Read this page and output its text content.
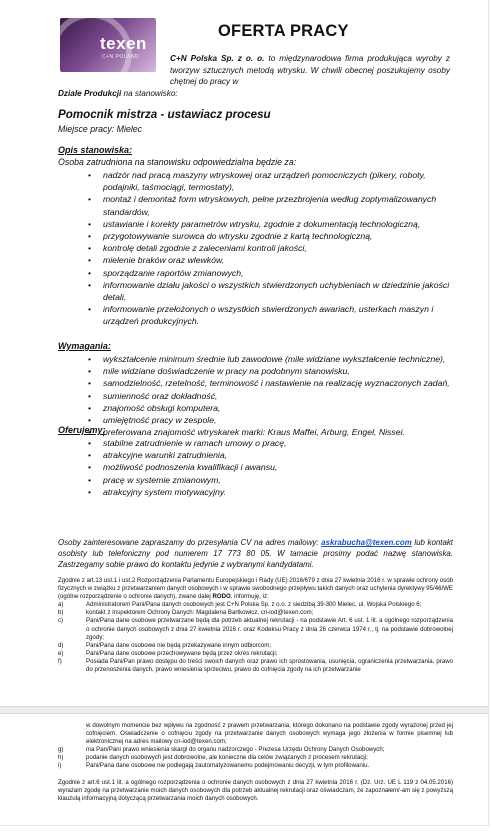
texen
C+N POLAND
OFERTA PRACY
C+N Polska Sp. z o. o. to międzynarodowa firma produkująca wyroby z tworzyw sztucznych metodą wtrysku. W chwili obecnej poszukujemy osoby chętnej do pracy w
Dziale Produkcji na stanowisko:
Pomocnik mistrza - ustawiacz procesu
Miejsce pracy: Mielec
Opis stanowiska:
Osoba zatrudniona na stanowisku odpowiedzialna będzie za:
• nadzór nad pracą maszyny wtryskowej oraz urządzeń pomocniczych (pikery, roboty, podajniki, taśmociągi, termostaty),
• montaż i demontaż form wtryskowych, pełne przezbrojenia według zoptymalizowanych standardów,
• ustawianie i korekty parametrów wtrysku, zgodnie z dokumentacją technologiczną,
• przygotowywanie surowca do wtrysku zgodnie z kartą technologiczną,
• kontrolę detali zgodnie z zaleceniami kontroli jakości,
• mielenie braków oraz wlewków,
• sporządzanie raportów zmianowych,
• informowanie działu jakości o wszystkich stwierdzonych uchybieniach w dziedzinie jakości detali,
• informowanie przełożonych o wszystkich stwierdzonych awariach, usterkach maszyn i urządzeń produkcyjnych.
Wymagania:
• wykształcenie minimum średnie lub zawodowe (mile widziane wykształcenie techniczne),
• mile widziane doświadczenie w pracy na podobnym stanowisku,
• samodzielność, rzetelność, terminowość i nastawienie na realizację wyznaczonych zadań,
• sumienność oraz dokładność,
• znajomość obsługi komputera,
• umiejętność pracy w zespole,
• preferowana znajomość wtryskarek marki: Kraus Maffei, Arburg, Engel, Nissei.
Oferujemy:
• stabilne zatrudnienie w ramach umowy o pracę,
• atrakcyjne warunki zatrudnienia,
• możliwość podnoszenia kwalifikacji i awansu,
• pracę w systemie zmianowym,
• atrakcyjny system motywacyjny.
Osoby zainteresowane zapraszamy do przesyłania CV na adres mailowy: askrabucha@texen.com lub kontakt osobisty lub telefoniczny pod numerem 17 773 80 05. W tamacie prosimy podać nazwę stanowiska. Zastrzegamy sobie prawo do kontaktu jedynie z wybranymi kandydatami.

Zgodnie z art.13 ust.1 i ust.2 Rozporządzenia Parlamentu Europejskiego i Rady (UE) 2016/679 z dnia 27 kwietnia 2016 r. w sprawie ochrony osób fizycznych w związku z przetwarzaniem danych osobowych i w sprawie swobodnego przepływu takich danych oraz uchylenia dyrektywy 95/46/WE (ogólne rozporządzenie o ochronie danych), zwane dalej RODO, informuję, iż:

a)	Administratorem Pani/Pana danych osobowych jest C+N Polska Sp. z o.o. z siedzibą 39-300 Mielec, ul. Wojska Polskiego 6;
b)	kontakt z Inspektorem Ochrony Danych: Magdalena Bartkowicz, cn-iod@texen.com;
c)	Pani/Pana dane osobowe przetwarzane będą dla potrzeb aktualnej rekrutacji - na podstawie Art. 6 ust. 1 lit. a ogólnego rozporządzenia o ochronie danych osobowych z dnia 27 kwietnia 2016 r. oraz Kodeksu Pracy z dnia 26 czerwca 1974 r., tj. na podstawie dobrowolnej zgody;
d)	Pani/Pana dane osobowe nie będą przekazywane innym odbiorcom;
e)	Pani/Pana dane osobowe przechowywane będą przez okres rekrutacji;
f)	Posiada Pani/Pan prawo dostępu do treści swoich danych oraz prawo ich sprostowania, usunięcia, ograniczenia przetwarzania, prawo do przenoszenia danych, prawo wniesienia sprzeciwu, prawo do cofnięcia zgody na ich przetwarzanie

w dowolnym momencie bez wpływu na zgodność z prawem przetwarzania, którego dokonano na podstawie zgody wyrażonej przed jej cofnięciem. Oświadczenie o cofnięciu zgody na przetwarzanie danych osobowych wymaga jego złożenia w formie pisemnej lub elektronicznej na adres mailowy cn-iod@texen.com;

g)	ma Pan/Pani prawo wniesienia skargi do organu nadzorczego - Prezesa Urzędu Ochrony Danych Osobowych;
h)	podanie danych osobowych jest dobrowolne, ale konieczne dla celów związanych z procesem rekrutacji;
i)	Pani/Pana dane osobowe nie podlegają zautomatyzowanemu podejmowaniu decyzji, w tym profilowaniu.

Zgodnie z art.6 ust.1 lit. a ogólnego rozporządzenia o ochronie danych osobowych z dnia 27 kwietnia 2016 r. (Dz. Urz. UE L 119 z 04.05.2016) wyrażam zgodę na przetwarzanie moich danych osobowych dla potrzeb aktualnej rekrutacji oraz oświadczam, że zapoznałem/-am się z powyższą klauzulą informacyjną dotyczącą przetwarzania moich danych osobowych.
